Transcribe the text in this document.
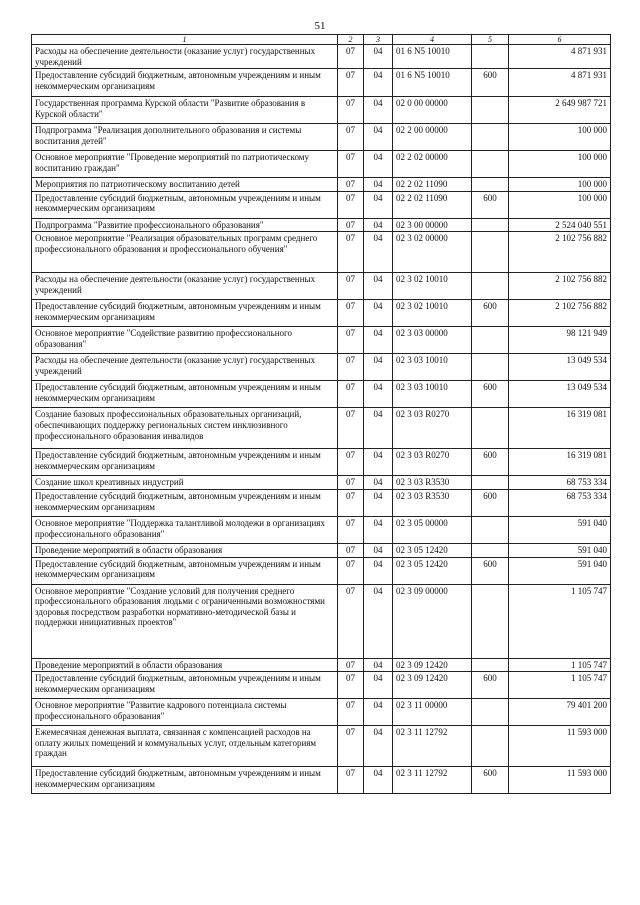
51
1	2	3	4	5	6
Расходы на обеспечение деятельности (оказание услуг) государственных учреждений	07	04	01 6 N5 10010		4 871 931
Предоставление субсидий бюджетным, автономным учреждениям и иным некоммерческим организациям	07	04	01 6 N5 10010	600	4 871 931
Государственная программа Курской области "Развитие образования в Курской области"	07	04	02 0 00 00000		2 649 987 721
Подпрограмма "Реализация дополнительного образования и системы воспитания детей"	07	04	02 2 00 00000		100 000
Основное мероприятие "Проведение мероприятий по патриотическому воспитанию граждан"	07	04	02 2 02 00000		100 000
Мероприятия по патриотическому воспитанию детей	07	04	02 2 02 11090		100 000
Предоставление субсидий бюджетным, автономным учреждениям и иным некоммерческим организациям	07	04	02 2 02 11090	600	100 000
Подпрограмма "Развитие профессионального образования"	07	04	02 3 00 00000		2 524 040 551
Основное мероприятие "Реализация образовательных программ среднего профессионального образования и профессионального обучения"	07	04	02 3 02 00000		2 102 756 882
Расходы на обеспечение деятельности (оказание услуг) государственных учреждений	07	04	02 3 02 10010		2 102 756 882
Предоставление субсидий бюджетным, автономным учреждениям и иным некоммерческим организациям	07	04	02 3 02 10010	600	2 102 756 882
Основное мероприятие "Содействие развитию профессионального образования"	07	04	02 3 03 00000		98 121 949
Расходы на обеспечение деятельности (оказание услуг) государственных учреждений	07	04	02 3 03 10010		13 049 534
Предоставление субсидий бюджетным, автономным учреждениям и иным некоммерческим организациям	07	04	02 3 03 10010	600	13 049 534
Создание базовых профессиональных образовательных организаций, обеспечивающих поддержку региональных систем инклюзивного профессионального образования инвалидов	07	04	02 3 03 R0270		16 319 081
Предоставление субсидий бюджетным, автономным учреждениям и иным некоммерческим организациям	07	04	02 3 03 R0270	600	16 319 081
Создание школ креативных индустрий	07	04	02 3 03 R3530		68 753 334
Предоставление субсидий бюджетным, автономным учреждениям и иным некоммерческим организациям	07	04	02 3 03 R3530	600	68 753 334
Основное мероприятие "Поддержка талантливой молодежи в организациях профессионального образования"	07	04	02 3 05 00000		591 040
Проведение мероприятий в области образования	07	04	02 3 05 12420		591 040
Предоставление субсидий бюджетным, автономным учреждениям и иным некоммерческим организациям	07	04	02 3 05 12420	600	591 040
Основное мероприятие "Создание условий для получения среднего профессионального образования людьми с ограниченными возможностями здоровья посредством разработки нормативно-методической базы и поддержки инициативных проектов"	07	04	02 3 09 00000		1 105 747
Проведение мероприятий в области образования	07	04	02 3 09 12420		1 105 747
Предоставление субсидий бюджетным, автономным учреждениям и иным некоммерческим организациям	07	04	02 3 09 12420	600	1 105 747
Основное мероприятие "Развитие кадрового потенциала системы профессионального образования"	07	04	02 3 11 00000		79 401 200
Ежемесячная денежная выплата, связанная с компенсацией расходов на оплату жилых помещений и коммунальных услуг, отдельным категориям граждан	07	04	02 3 11 12792		11 593 000
Предоставление субсидий бюджетным, автономным учреждениям и иным некоммерческим организациям	07	04	02 3 11 12792	600	11 593 000
